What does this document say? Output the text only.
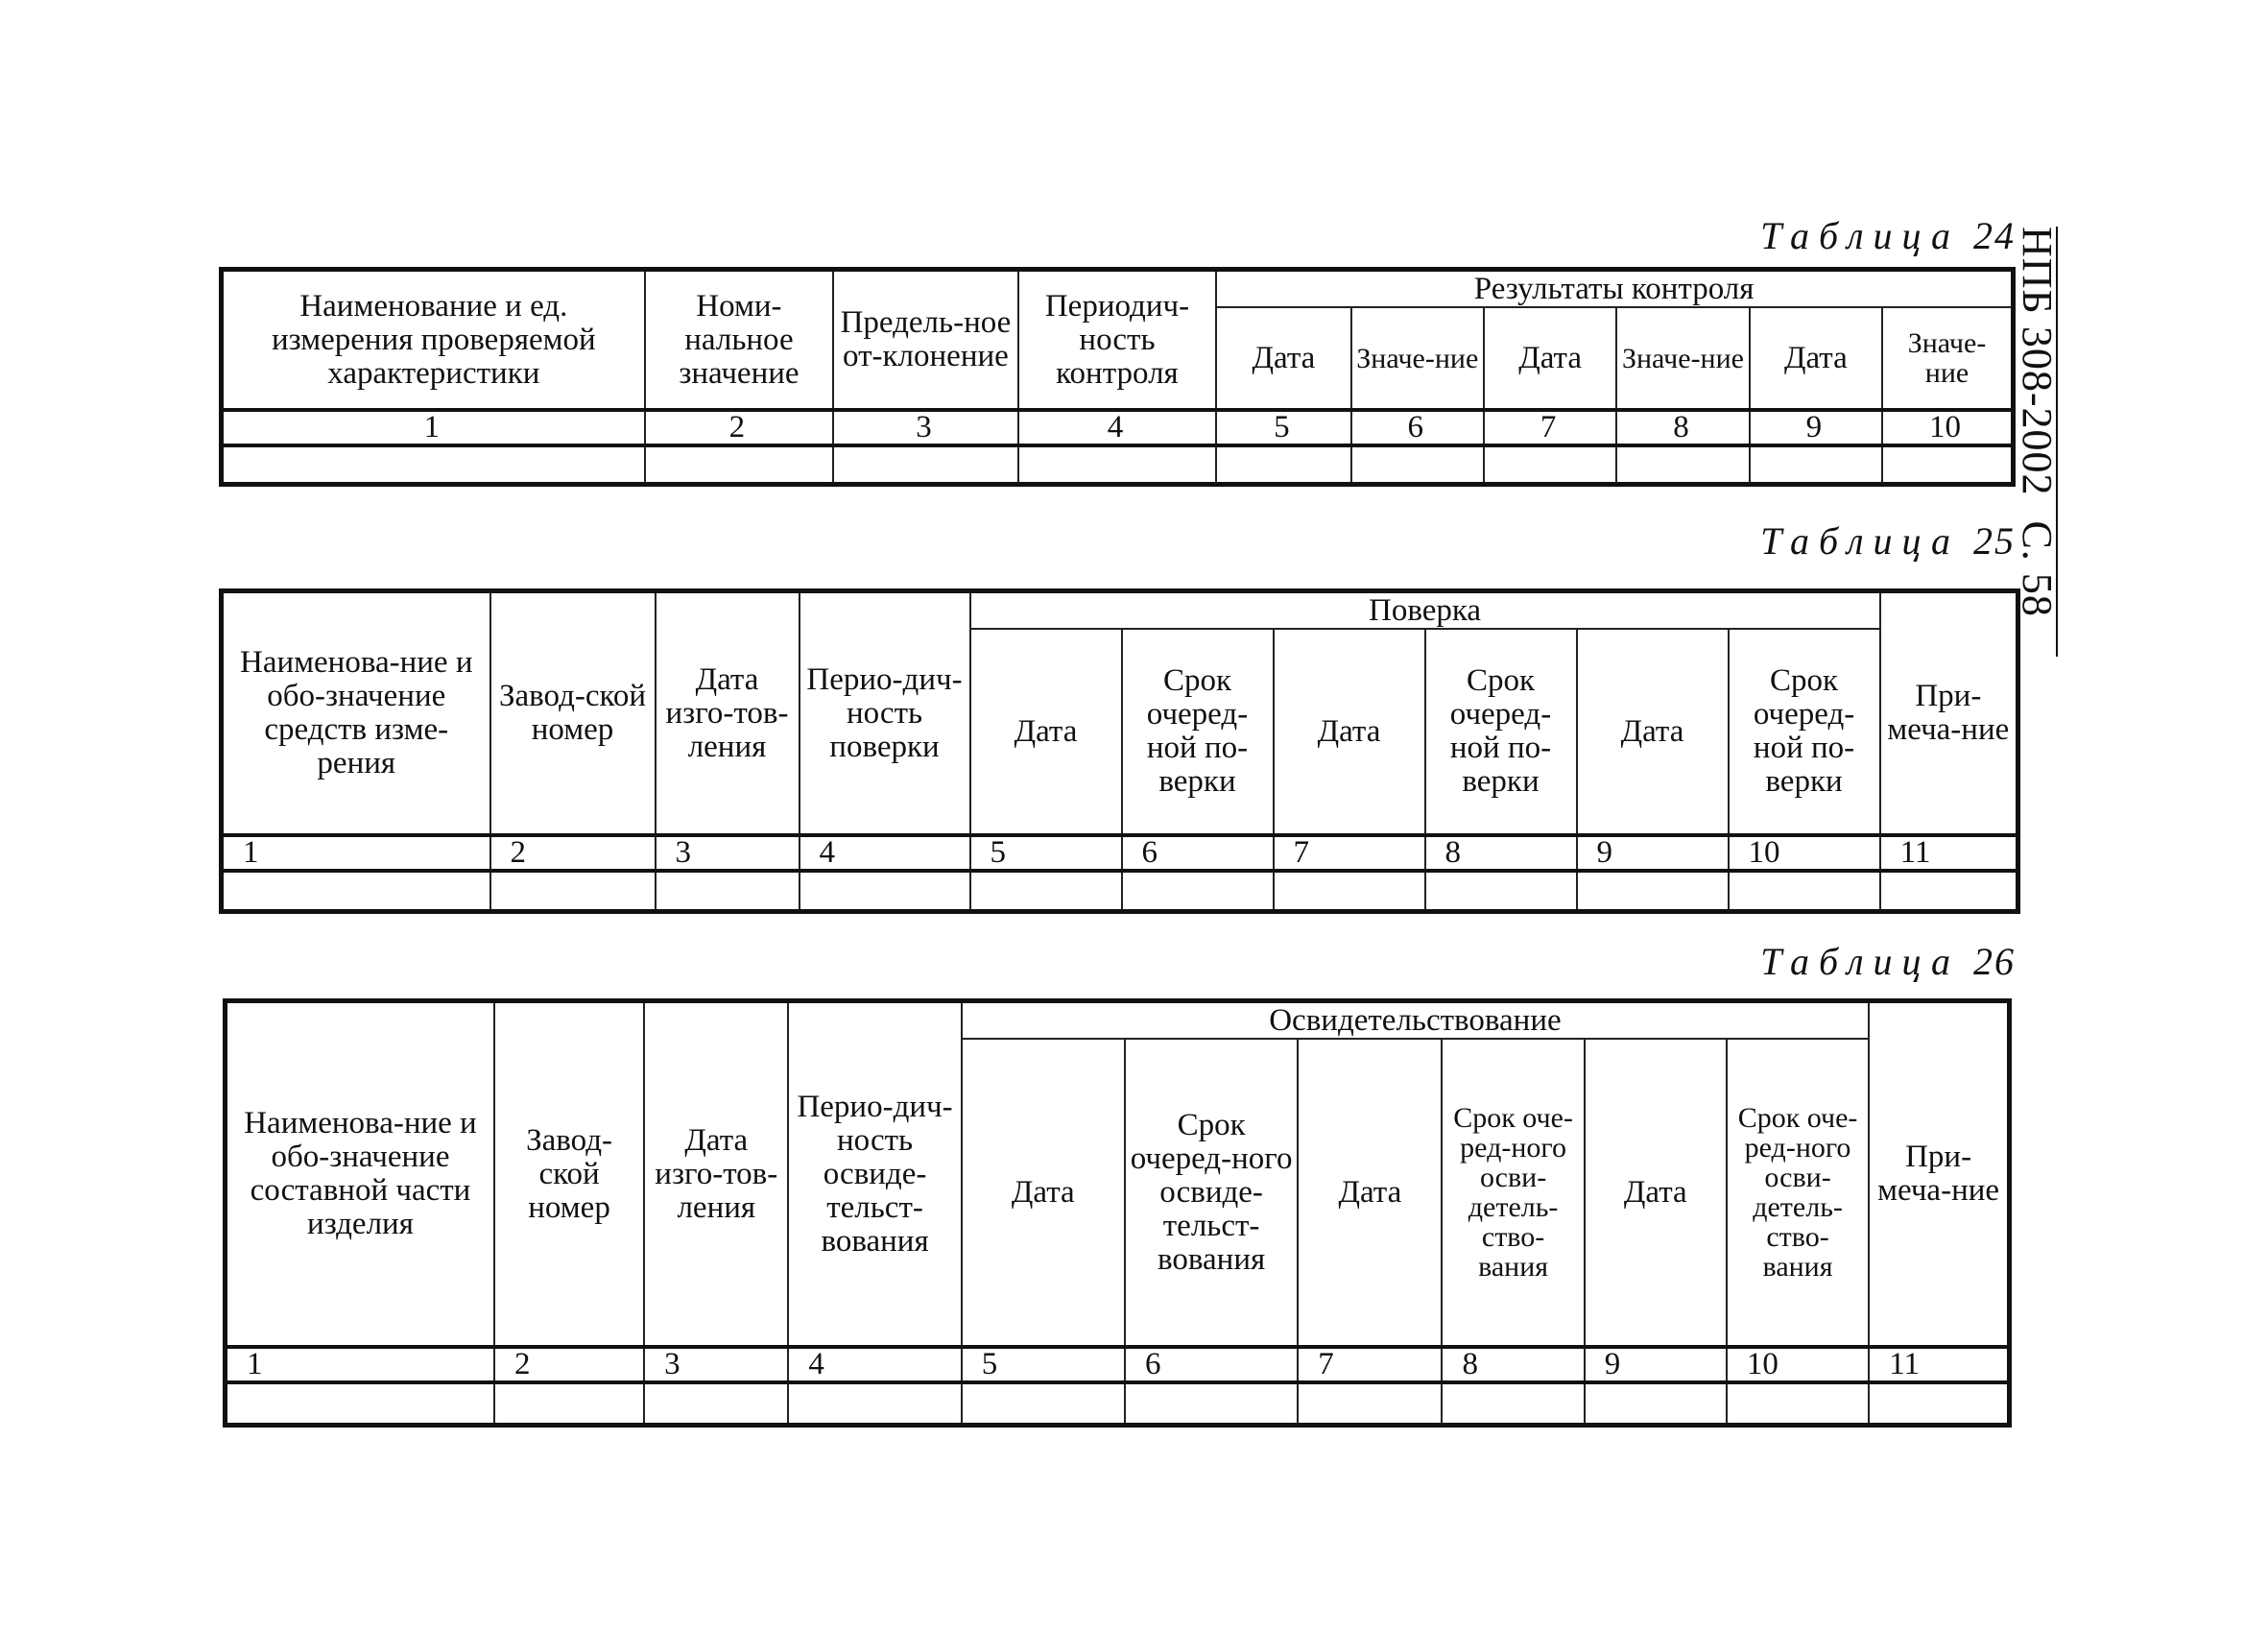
НПБ 308-2002С. 58
Таблица 24
Наименование и ед. измерения проверяемой характеристики	Номи-нальное значение	Предель-ное от-клонение	Периодич-ность контроля	Результаты контроля					
				Дата	Значе-ние	Дата	Значе-ние	Дата	Значе-ние
1	2	3	4	5	6	7	8	9	10

Таблица 25
Наименова-ние и обо-значение средств изме-рения	Завод-ской номер	Дата изго-тов-ления	Перио-дич-ность поверки	Поверка						При-меча-ние
				Дата	Срок очеред-ной по-верки	Дата	Срок очеред-ной по-верки	Дата	Срок очеред-ной по-верки	
1	2	3	4	5	6	7	8	9	10	11

Таблица 26
Наименова-ние и обо-значение составной части изделия	Завод-ской номер	Дата изго-тов-ления	Перио-дич-ность освиде-тельст-вования	Освидетельствование						При-меча-ние
				Дата	Срок очеред-ного освиде-тельст-вования	Дата	Срок оче-ред-ного осви-детель-ство-вания	Дата	Срок оче-ред-ного осви-детель-ство-вания	
1	2	3	4	5	6	7	8	9	10	11
